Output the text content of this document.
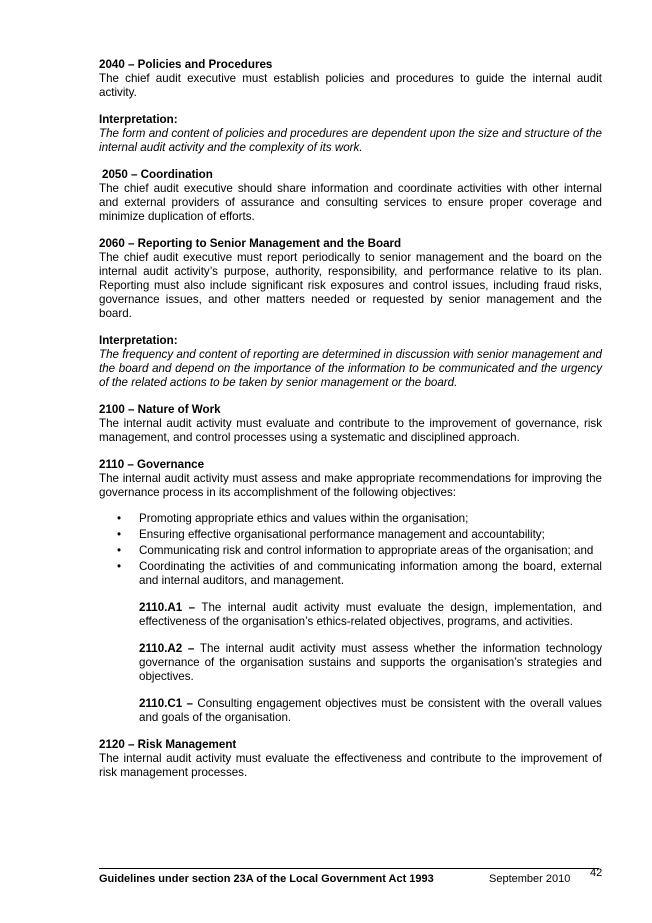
2040 – Policies and Procedures

The chief audit executive must establish policies and procedures to guide the internal audit activity.

Interpretation:

The form and content of policies and procedures are dependent upon the size and structure of the internal audit activity and the complexity of its work.

2050 – Coordination

The chief audit executive should share information and coordinate activities with other internal and external providers of assurance and consulting services to ensure proper coverage and minimize duplication of efforts.

2060 – Reporting to Senior Management and the Board

The chief audit executive must report periodically to senior management and the board on the internal audit activity’s purpose, authority, responsibility, and performance relative to its plan. Reporting must also include significant risk exposures and control issues, including fraud risks, governance issues, and other matters needed or requested by senior management and the board.

Interpretation:

The frequency and content of reporting are determined in discussion with senior management and the board and depend on the importance of the information to be communicated and the urgency of the related actions to be taken by senior management or the board.

2100 – Nature of Work

The internal audit activity must evaluate and contribute to the improvement of governance, risk management, and control processes using a systematic and disciplined approach.

2110 – Governance

The internal audit activity must assess and make appropriate recommendations for improving the governance process in its accomplishment of the following objectives:

• Promoting appropriate ethics and values within the organisation;
• Ensuring effective organisational performance management and accountability;
• Communicating risk and control information to appropriate areas of the organisation; and
• Coordinating the activities of and communicating information among the board, external and internal auditors, and management.

2110.A1 – The internal audit activity must evaluate the design, implementation, and effectiveness of the organisation’s ethics-related objectives, programs, and activities.

2110.A2 – The internal audit activity must assess whether the information technology governance of the organisation sustains and supports the organisation’s strategies and objectives.

2110.C1 – Consulting engagement objectives must be consistent with the overall values and goals of the organisation.

2120 – Risk Management

The internal audit activity must evaluate the effectiveness and contribute to the improvement of risk management processes.

Guidelines under section 23A of the Local Government Act 1993	September 2010 42
